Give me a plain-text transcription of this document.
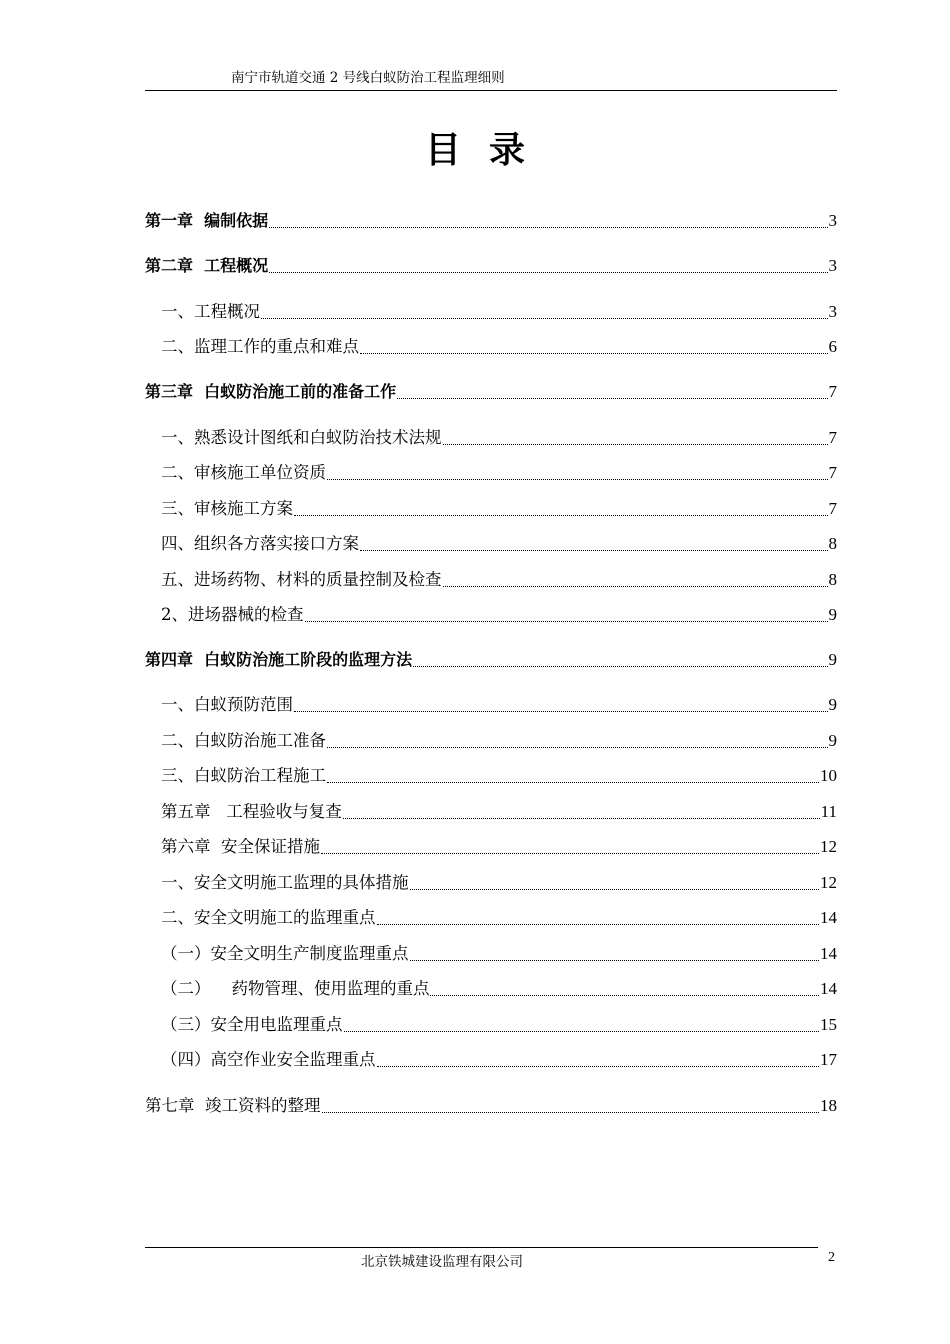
南宁市轨道交通 2 号线白蚁防治工程监理细则
目录
第一章  编制依据	3
第二章  工程概况	3
一、工程概况	3
二、监理工作的重点和难点	6
第三章  白蚁防治施工前的准备工作	7
一、熟悉设计图纸和白蚁防治技术法规	7
二、审核施工单位资质	7
三、审核施工方案	7
四、组织各方落实接口方案	8
五、进场药物、材料的质量控制及检查	8
2、进场器械的检查	9
第四章  白蚁防治施工阶段的监理方法	9
一、白蚁预防范围	9
二、白蚁防治施工准备	9
三、白蚁防治工程施工	10
第五章   工程验收与复查	11
第六章  安全保证措施	12
一、安全文明施工监理的具体措施	12
二、安全文明施工的监理重点	14
（一）安全文明生产制度监理重点	14
（二）    药物管理、使用监理的重点	14
（三）安全用电监理重点	15
（四）高空作业安全监理重点	17
第七章  竣工资料的整理	18
北京铁城建设监理有限公司	2
